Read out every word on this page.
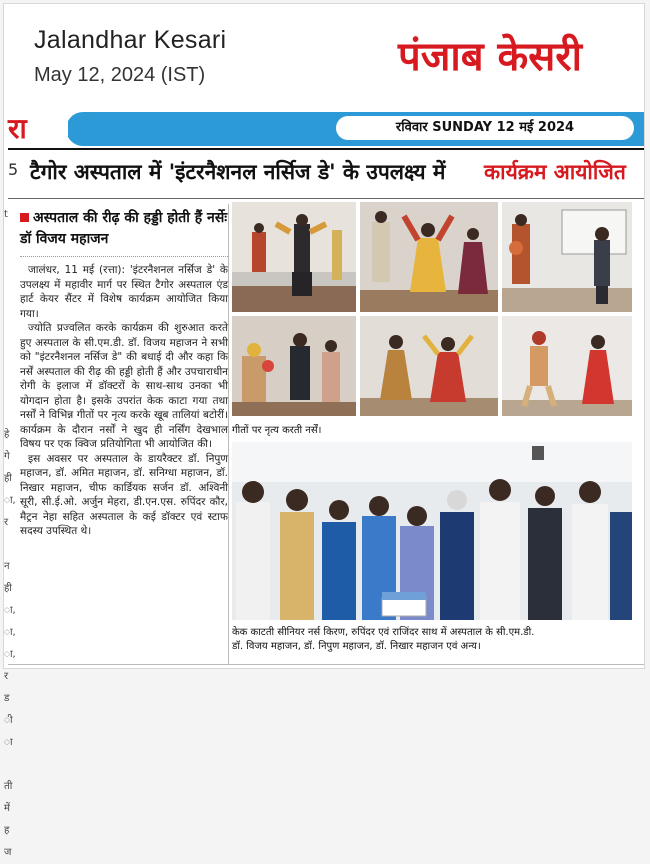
Jalandhar Kesari
May 12, 2024 (IST)	पंजाब केसरी
रा	रविवार SUNDAY 12 मई 2024
5 टैगोर अस्पताल में 'इंटरनैशनल नर्सिज डे' के उपलक्ष्य में कार्यक्रम आयोजित
t
हे
गे
ही
ा,
र
न
ही
ा,
ा,
ा,
र
ड
ी
ा
ती
में
ह
ज
अस्पताल की रीढ़ की हड्डी होती हैं नर्सेः डॉ विजय महाजन

जालंधर, 11 मई (रत्ता): 'इंटरनैशनल नर्सिज डे' के उपलक्ष्य में महावीर मार्ग पर स्थित टैगोर अस्पताल एंड हार्ट केयर सैंटर में विशेष कार्यक्रम आयोजित किया गया।

ज्योति प्रज्वलित करके कार्यक्रम की शुरुआत करते हुए अस्पताल के सी.एम.डी. डॉ. विजय महाजन ने सभी को "इंटरनैशनल नर्सिज डे" की बधाई दी और कहा कि नर्सें अस्पताल की रीढ़ की हड्डी होती हैं और उपचाराधीन रोगी के इलाज में डॉक्टरों के साथ-साथ उनका भी योगदान होता है। इसके उपरांत केक काटा गया तथा नर्सों ने विभिन्न गीतों पर नृत्य करके खूब तालियां बटोरीं। कार्यक्रम के दौरान नर्सों ने खुद ही नर्सिंग देखभाल विषय पर एक क्विज प्रतियोगिता भी आयोजित की।

इस अवसर पर अस्पताल के डायरैक्टर डॉ. निपुण महाजन, डॉ. अमित महाजन, डॉ. सनिग्धा महाजन, डॉ. निखार महाजन, चीफ कार्डियक सर्जन डॉ. अश्विनी सूरी, सी.ई.ओ. अर्जुन मेहरा, डी.एन.एस. रुपिंदर कौर, मैट्रन नेहा सहित अस्पताल के कई डॉक्टर एवं स्टाफ सदस्य उपस्थित थे।

गीतों पर नृत्य करती नर्सें।
केक काटती सीनियर नर्स किरण, रुपिंदर एवं राजिंदर साथ में अस्पताल के सी.एम.डी.
डॉ. विजय महाजन, डॉ. निपुण महाजन, डॉ. निखार महाजन एवं अन्य।
